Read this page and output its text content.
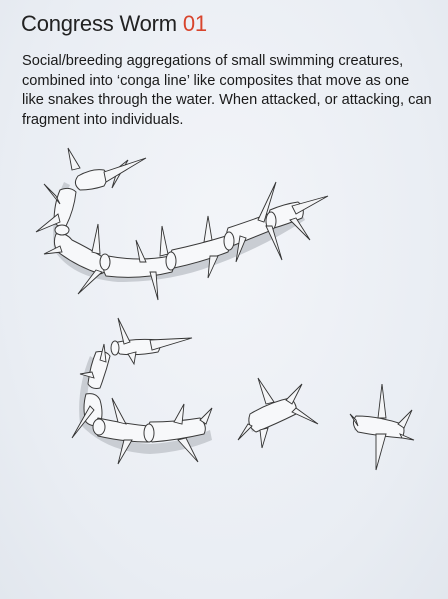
Congress Worm 01

Social/breeding aggregations of small swimming creatures, combined into ‘conga line’ like composites that move as one like snakes through the water. When attacked, or attacking, can fragment into individuals.
